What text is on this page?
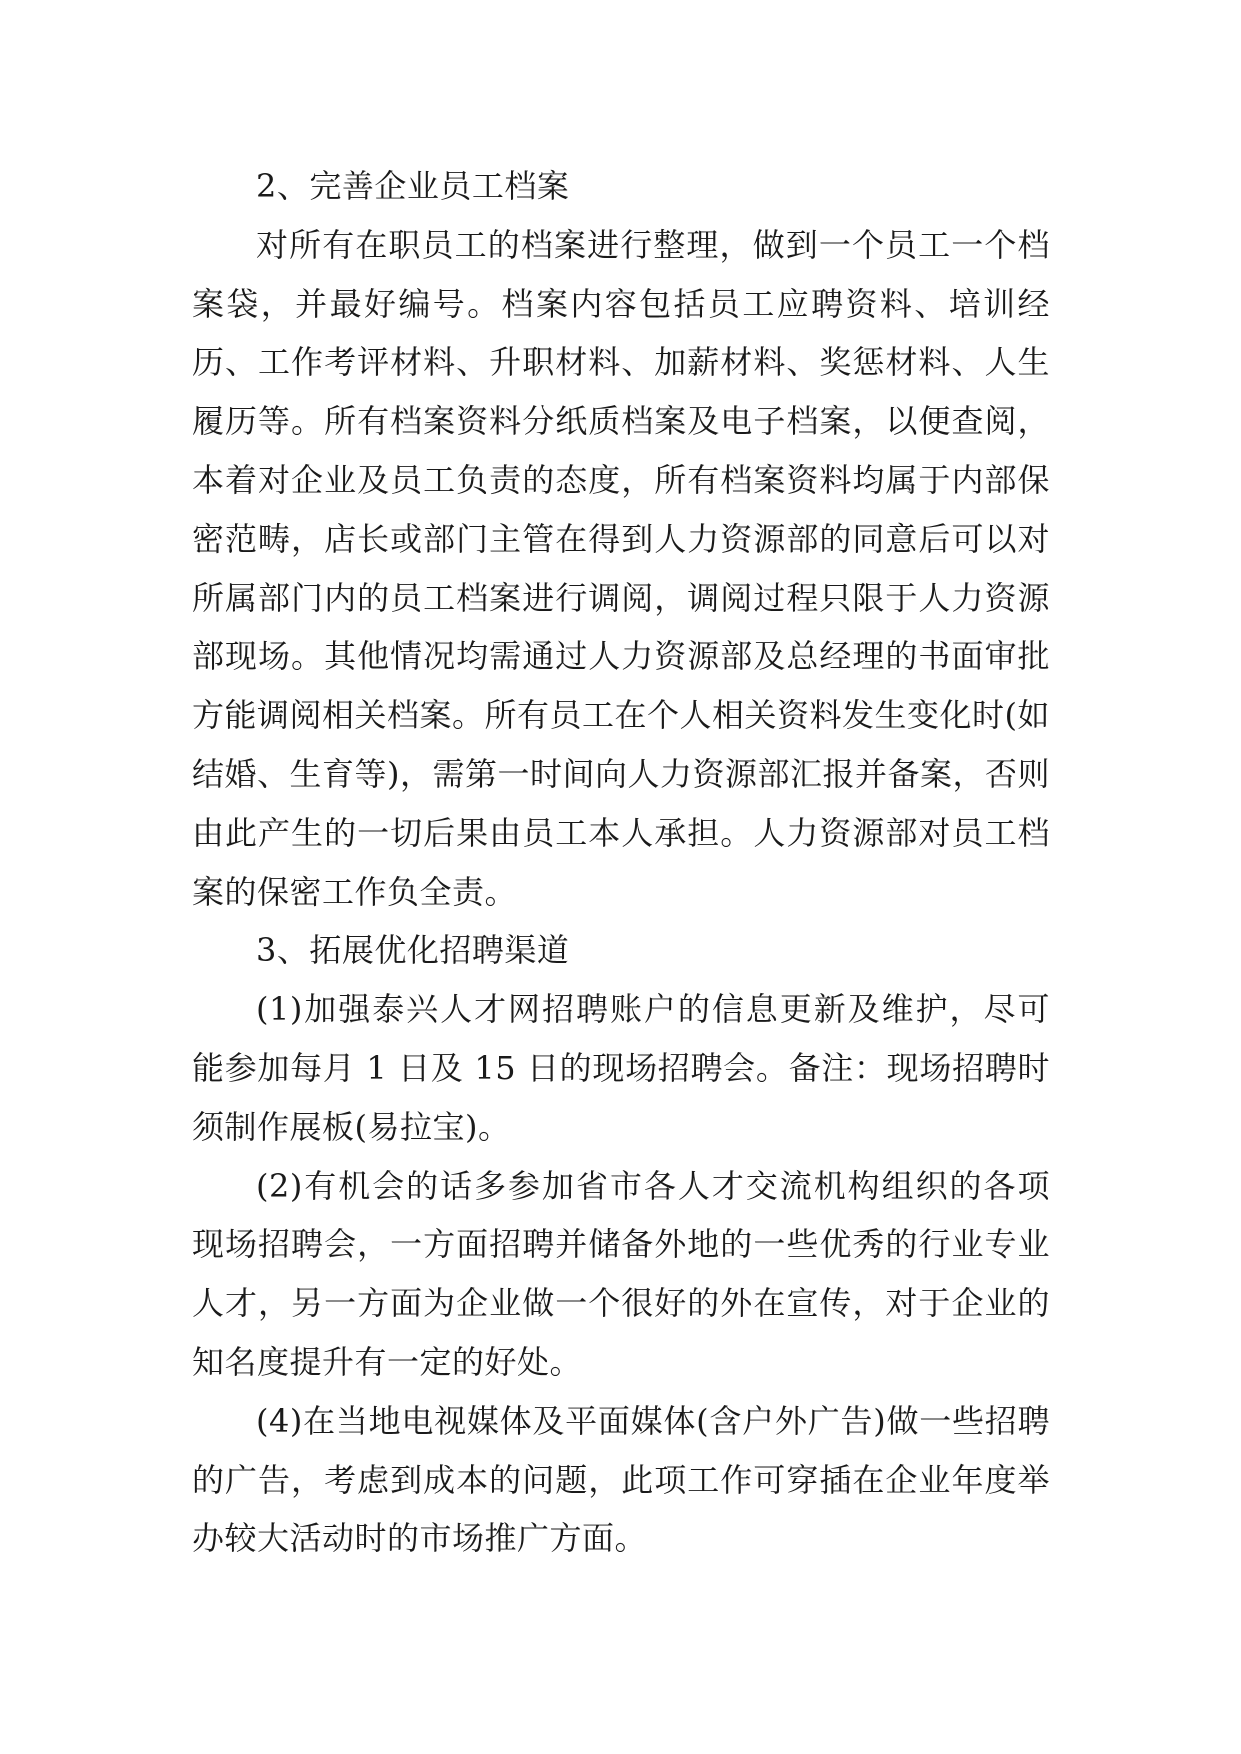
2、完善企业员工档案

对所有在职员工的档案进行整理，做到一个员工一个档案袋，并最好编号。档案内容包括员工应聘资料、培训经历、工作考评材料、升职材料、加薪材料、奖惩材料、人生履历等。所有档案资料分纸质档案及电子档案，以便查阅，本着对企业及员工负责的态度，所有档案资料均属于内部保密范畴，店长或部门主管在得到人力资源部的同意后可以对所属部门内的员工档案进行调阅，调阅过程只限于人力资源部现场。其他情况均需通过人力资源部及总经理的书面审批方能调阅相关档案。所有员工在个人相关资料发生变化时(如结婚、生育等)，需第一时间向人力资源部汇报并备案，否则由此产生的一切后果由员工本人承担。人力资源部对员工档案的保密工作负全责。

3、拓展优化招聘渠道

(1)加强泰兴人才网招聘账户的信息更新及维护，尽可能参加每月 1 日及 15 日的现场招聘会。备注：现场招聘时须制作展板(易拉宝)。

(2)有机会的话多参加省市各人才交流机构组织的各项现场招聘会，一方面招聘并储备外地的一些优秀的行业专业人才，另一方面为企业做一个很好的外在宣传，对于企业的知名度提升有一定的好处。

(4)在当地电视媒体及平面媒体(含户外广告)做一些招聘的广告，考虑到成本的问题，此项工作可穿插在企业年度举办较大活动时的市场推广方面。
